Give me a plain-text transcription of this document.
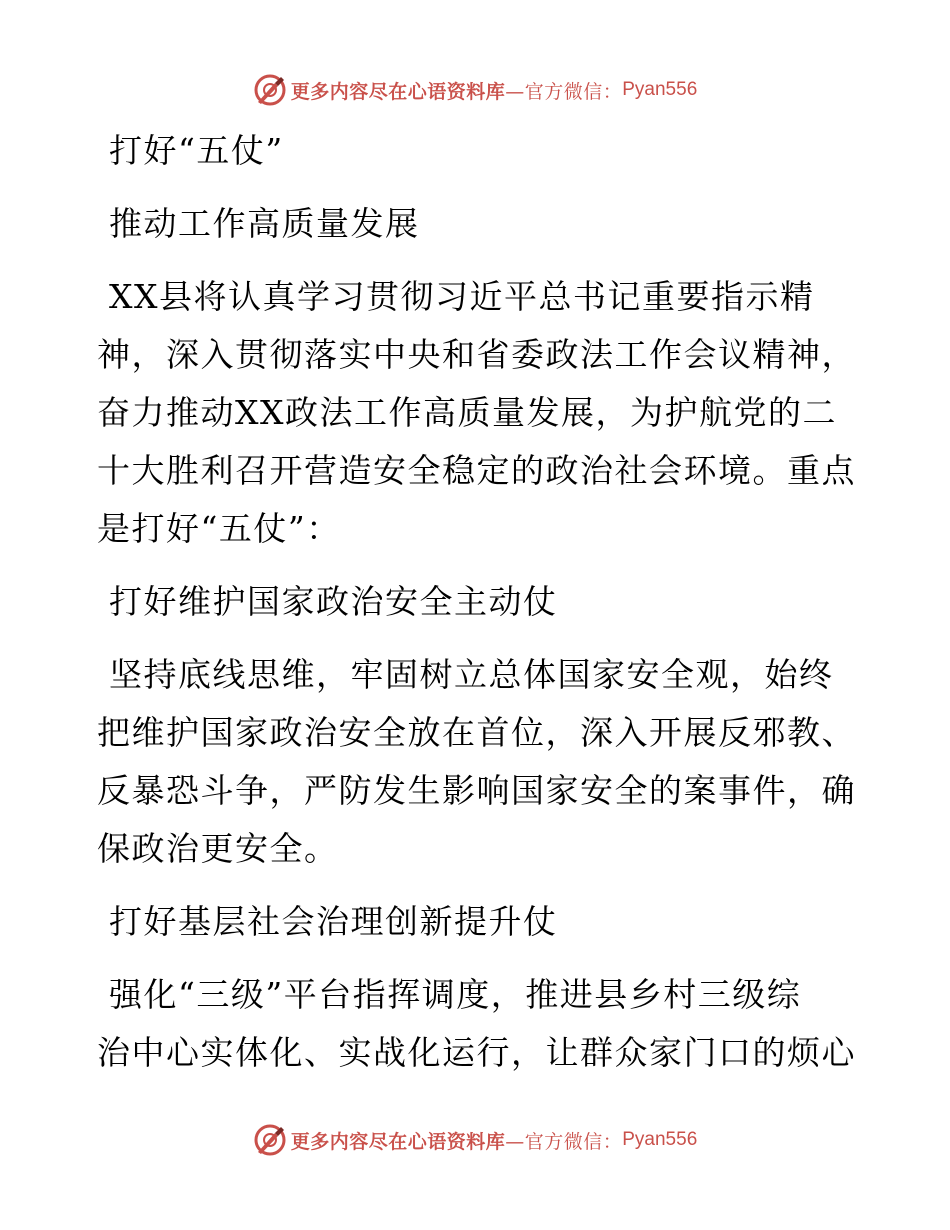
更多内容尽在心语资料库 —官方微信： Pyan556
打好“五仗”
推动工作高质量发展
XX县将认真学习贯彻习近平总书记重要指示精
神，深入贯彻落实中央和省委政法工作会议精神，
奋力推动XX政法工作高质量发展，为护航党的二
十大胜利召开营造安全稳定的政治社会环境。重点
是打好“五仗”：
打好维护国家政治安全主动仗
坚持底线思维，牢固树立总体国家安全观，始终
把维护国家政治安全放在首位，深入开展反邪教、
反暴恐斗争，严防发生影响国家安全的案事件，确
保政治更安全。
打好基层社会治理创新提升仗
强化“三级”平台指挥调度，推进县乡村三级综
治中心实体化、实战化运行，让群众家门口的烦心
更多内容尽在心语资料库 —官方微信： Pyan556
